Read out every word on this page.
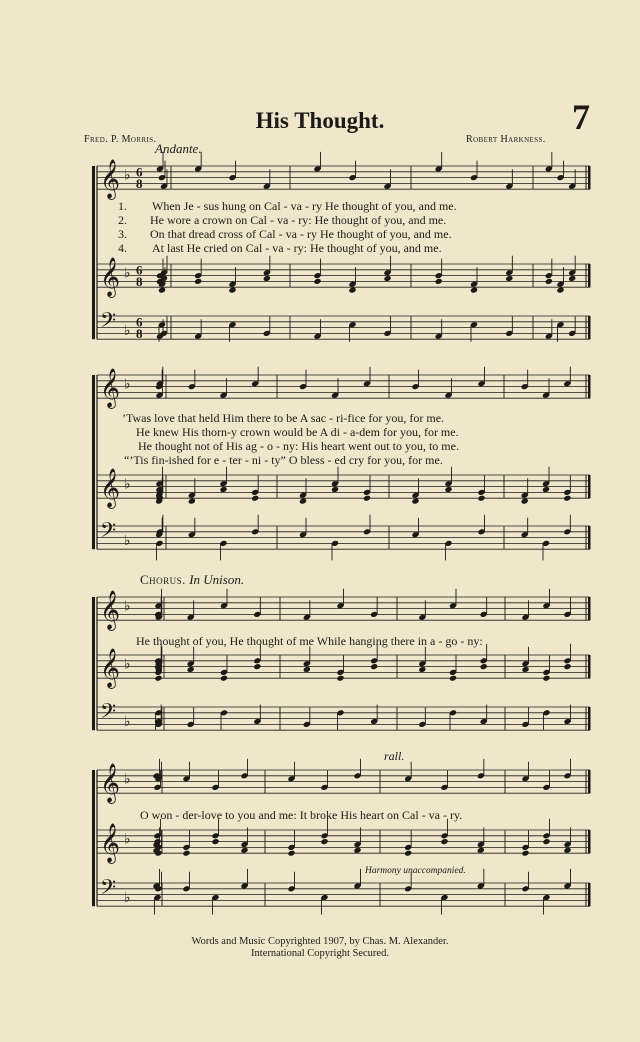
𝄞 ♭ 6
8
𝄞 ♭ 6
8
𝄢 ♭
6
8
𝄞 ♭
𝄞 ♭
𝄢 ♭
𝄞 ♭
𝄞 ♭
𝄢 ♭
𝄞 ♭
𝄞 ♭
𝄢 ♭
His Thought.	7
Fred. P. Morris.	Robert Harkness.
Andante.
1. When Je - sus hung on Cal - va - ry He thought of you, and me.
2. He wore a crown on Cal - va - ry: He thought of you, and me.
3. On that dread cross of Cal - va - ry He thought of you, and me.
4. At last He cried on Cal - va - ry: He thought of you, and me.
’Twas love that held Him there to be A sac - ri-fice for you, for me.
He knew His thorn-y crown would be A di - a-dem for you, for me.
He thought not of His ag - o - ny: His heart went out to you, to me.
“’Tis fin-ished for e - ter - ni - ty” O bless - ed cry for you, for me.
Chorus. In Unison.
He thought of you, He thought of me While hanging there in a - go - ny:
rall.
O won - der-love to you and me: It broke His heart on Cal - va - ry.
Harmony unaccompanied.
Words and Music Copyrighted 1907, by Chas. M. Alexander.
International Copyright Secured.
